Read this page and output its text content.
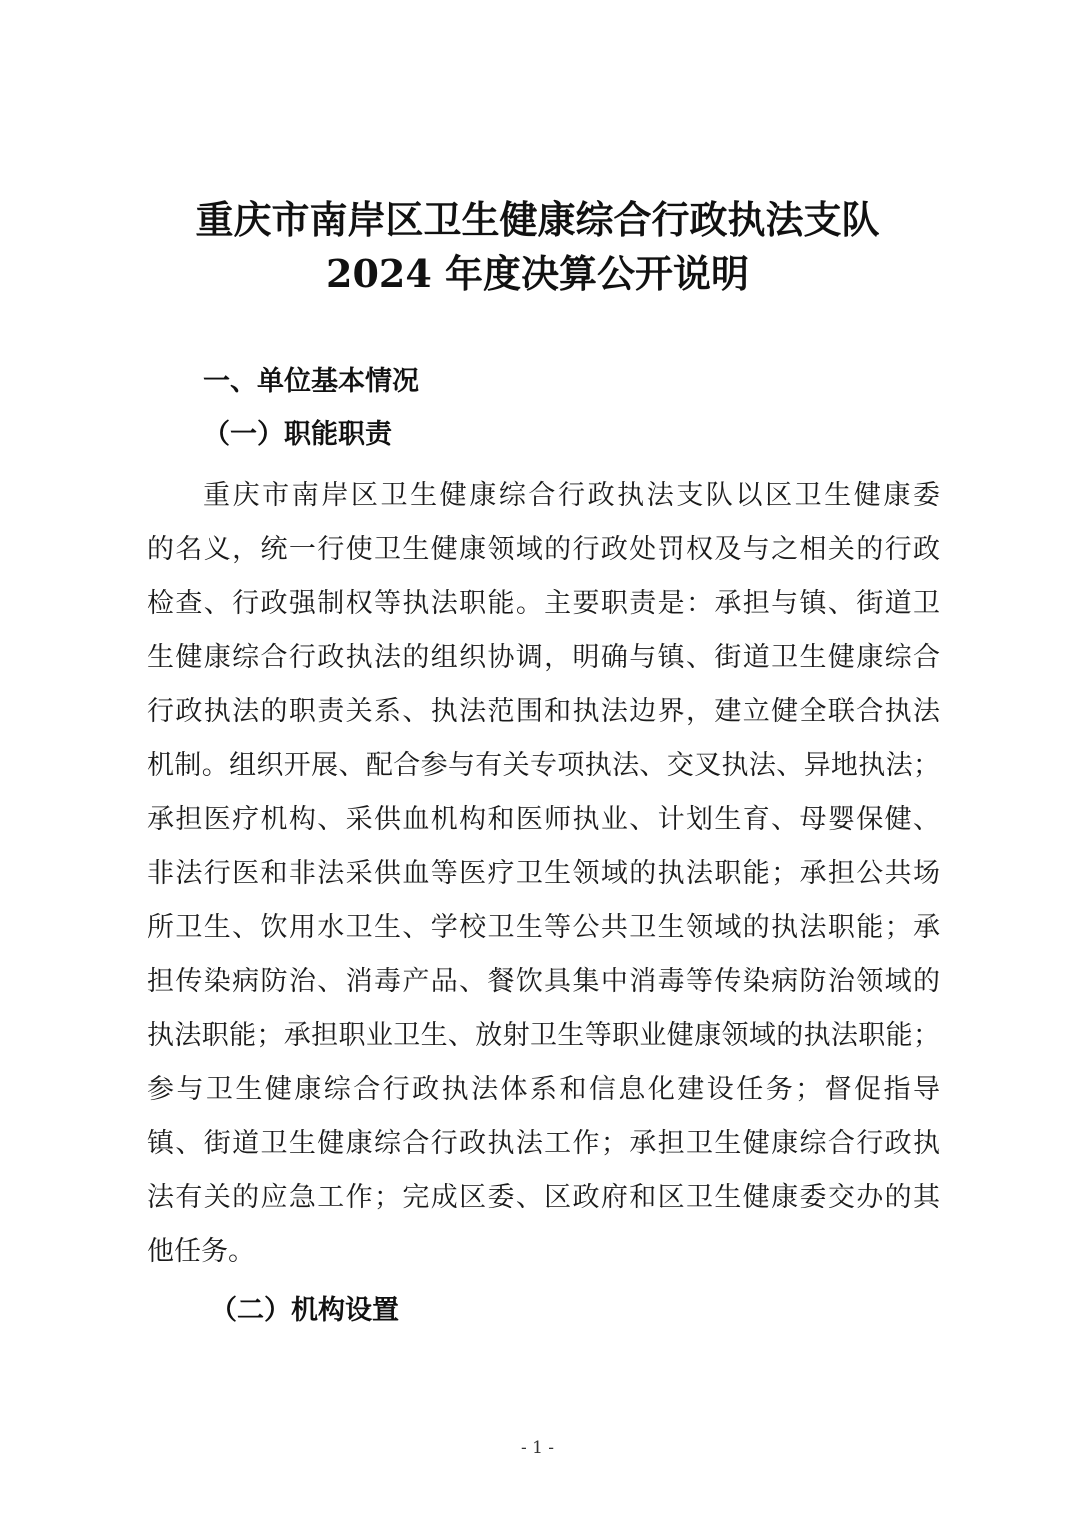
重庆市南岸区卫生健康综合行政执法支队
2024 年度决算公开说明
一、单位基本情况
（一）职能职责
重庆市南岸区卫生健康综合行政执法支队以区卫生健康委
的名义，统一行使卫生健康领域的行政处罚权及与之相关的行政
检查、行政强制权等执法职能。主要职责是：承担与镇、街道卫
生健康综合行政执法的组织协调，明确与镇、街道卫生健康综合
行政执法的职责关系、执法范围和执法边界，建立健全联合执法
机制。组织开展、配合参与有关专项执法、交叉执法、异地执法；
承担医疗机构、采供血机构和医师执业、计划生育、母婴保健、
非法行医和非法采供血等医疗卫生领域的执法职能；承担公共场
所卫生、饮用水卫生、学校卫生等公共卫生领域的执法职能；承
担传染病防治、消毒产品、餐饮具集中消毒等传染病防治领域的
执法职能；承担职业卫生、放射卫生等职业健康领域的执法职能；
参与卫生健康综合行政执法体系和信息化建设任务；督促指导
镇、街道卫生健康综合行政执法工作；承担卫生健康综合行政执
法有关的应急工作；完成区委、区政府和区卫生健康委交办的其
他任务。
（二）机构设置
- 1 -
